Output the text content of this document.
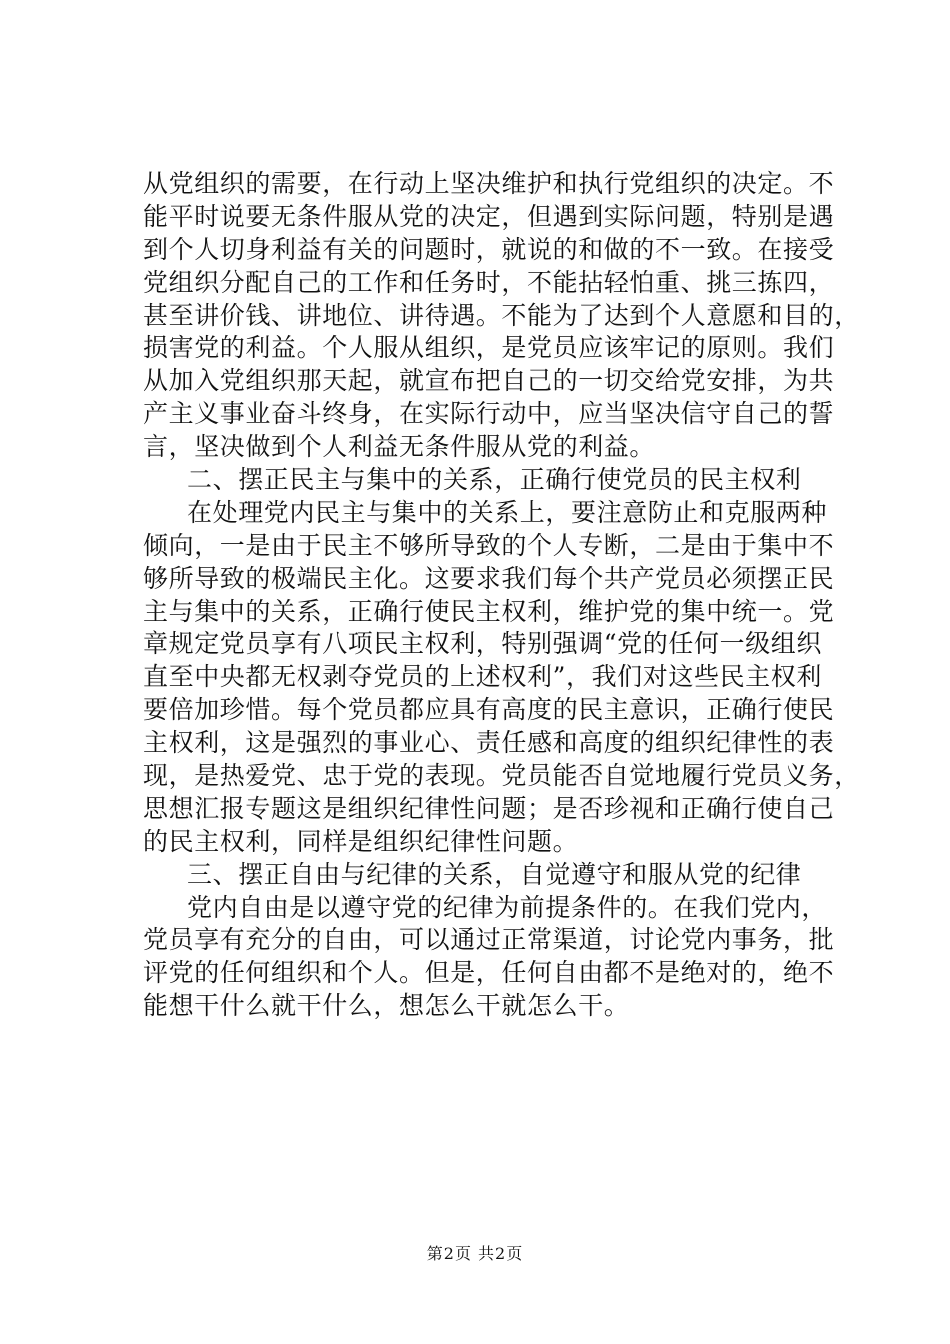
从党组织的需要，在行动上坚决维护和执行党组织的决定。不
能平时说要无条件服从党的决定，但遇到实际问题，特别是遇
到个人切身利益有关的问题时，就说的和做的不一致。在接受
党组织分配自己的工作和任务时，不能拈轻怕重、挑三拣四，
甚至讲价钱、讲地位、讲待遇。不能为了达到个人意愿和目的，
损害党的利益。个人服从组织，是党员应该牢记的原则。我们
从加入党组织那天起，就宣布把自己的一切交给党安排，为共
产主义事业奋斗终身，在实际行动中，应当坚决信守自己的誓
言，坚决做到个人利益无条件服从党的利益。
二、摆正民主与集中的关系，正确行使党员的民主权利
在处理党内民主与集中的关系上，要注意防止和克服两种
倾向，一是由于民主不够所导致的个人专断，二是由于集中不
够所导致的极端民主化。这要求我们每个共产党员必须摆正民
主与集中的关系，正确行使民主权利，维护党的集中统一。党
章规定党员享有八项民主权利，特别强调“党的任何一级组织
直至中央都无权剥夺党员的上述权利”，我们对这些民主权利
要倍加珍惜。每个党员都应具有高度的民主意识，正确行使民
主权利，这是强烈的事业心、责任感和高度的组织纪律性的表
现，是热爱党、忠于党的表现。党员能否自觉地履行党员义务，
思想汇报专题这是组织纪律性问题；是否珍视和正确行使自己
的民主权利，同样是组织纪律性问题。
三、摆正自由与纪律的关系，自觉遵守和服从党的纪律
党内自由是以遵守党的纪律为前提条件的。在我们党内，
党员享有充分的自由，可以通过正常渠道，讨论党内事务，批
评党的任何组织和个人。但是，任何自由都不是绝对的，绝不
能想干什么就干什么，想怎么干就怎么干。
第2页 共2页
